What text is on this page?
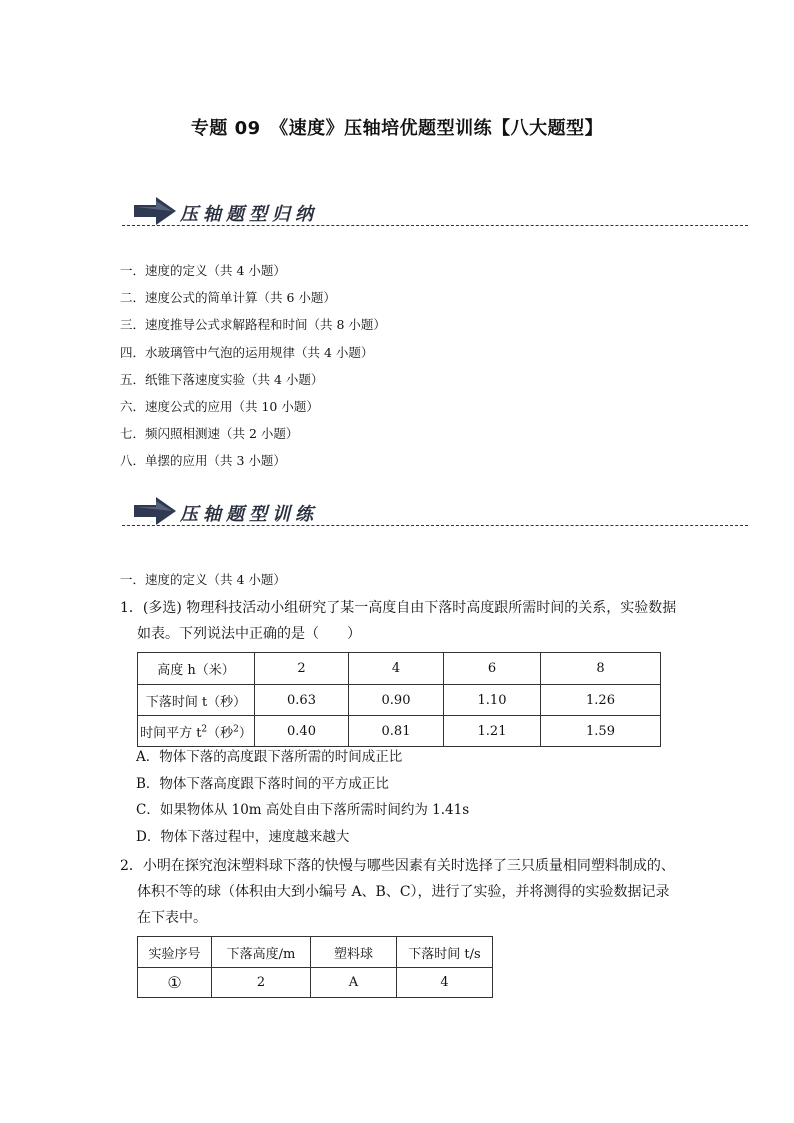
专题 09　《速度》压轴培优题型训练【八大题型】
压轴题型归纳
一．速度的定义（共 4 小题）
二．速度公式的简单计算（共 6 小题）
三．速度推导公式求解路程和时间（共 8 小题）
四．水玻璃管中气泡的运用规律（共 4 小题）
五．纸锥下落速度实验（共 4 小题）
六．速度公式的应用（共 10 小题）
七．频闪照相测速（共 2 小题）
八．单摆的应用（共 3 小题）
压轴题型训练
一．速度的定义（共 4 小题）
1．(多选) 物理科技活动小组研究了某一高度自由下落时高度跟所需时间的关系，实验数据
如表。下列说法中正确的是（　　）
高度 h（米）	2	4	6	8
下落时间 t（秒）	0.63	0.90	1.10	1.26
时间平方 $t^2$（秒$^2$）	0.40	0.81	1.21	1.59
A．物体下落的高度跟下落所需的时间成正比
B．物体下落高度跟下落时间的平方成正比
C．如果物体从 10m 高处自由下落所需时间约为 1.41s
D．物体下落过程中，速度越来越大
2．小明在探究泡沫塑料球下落的快慢与哪些因素有关时选择了三只质量相同塑料制成的、
体积不等的球（体积由大到小编号 A、B、C），进行了实验，并将测得的实验数据记录
在下表中。
实验序号	下落高度/m	塑料球	下落时间 t/s
①	2	A	4
